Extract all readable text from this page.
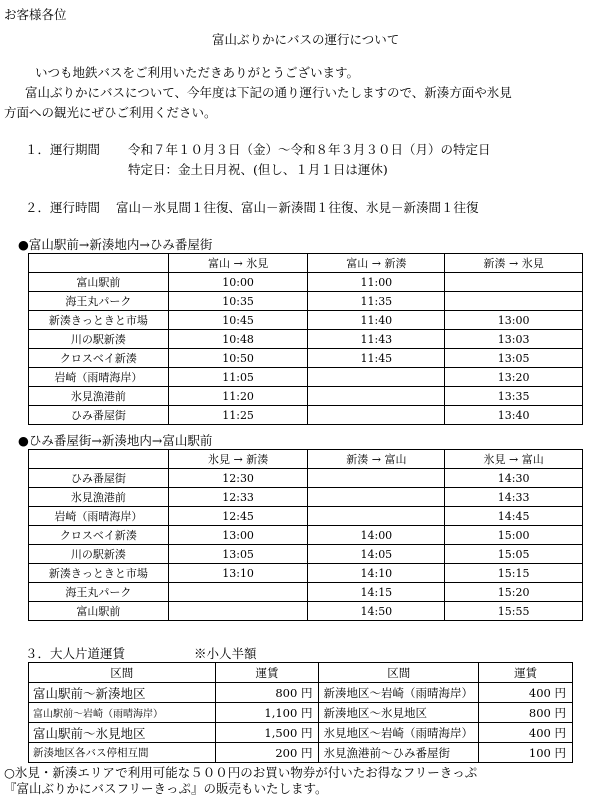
お客様各位
富山ぶりかにバスの運行について
いつも地鉄バスをご利用いただきありがとうございます。
富山ぶりかにバスについて、今年度は下記の通り運行いたしますので、新湊方面や氷見
方面への観光にぜひご利用ください。
１．運行期間 令和７年１０月３日（金）～令和８年３月３０日（月）の特定日
特定日：金土日月祝、(但し、１月１日は運休)
２．運行時間 富山－氷見間１往復、富山－新湊間１往復、氷見－新湊間１往復
●富山駅前→新湊地内→ひみ番屋街
	富山 → 氷見	富山 → 新湊	新湊 → 氷見
富山駅前	10:00	11:00	
海王丸パーク	10:35	11:35	
新湊きっときと市場	10:45	11:40	13:00
川の駅新湊	10:48	11:43	13:03
クロスベイ新湊	10:50	11:45	13:05
岩崎（雨晴海岸）	11:05		13:20
氷見漁港前	11:20		13:35
ひみ番屋街	11:25		13:40
●ひみ番屋街→新湊地内→富山駅前
	氷見 → 新湊	新湊 → 富山	氷見 → 富山
ひみ番屋街	12:30		14:30
氷見漁港前	12:33		14:33
岩崎（雨晴海岸）	12:45		14:45
クロスベイ新湊	13:00	14:00	15:00
川の駅新湊	13:05	14:05	15:05
新湊きっときと市場	13:10	14:10	15:15
海王丸パーク		14:15	15:20
富山駅前		14:50	15:55
３．大人片道運賃	※小人半額
区間	運賃	区間	運賃
富山駅前～新湊地区	800 円	新湊地区～岩崎（雨晴海岸）	400 円
富山駅前～岩崎（雨晴海岸）	1,100 円	新湊地区～氷見地区	800 円
富山駅前～氷見地区	1,500 円	氷見地区～岩崎（雨晴海岸）	400 円
新湊地区各バス停相互間	200 円	氷見漁港前～ひみ番屋街	100 円
○氷見・新湊エリアで利用可能な５００円のお買い物券が付いたお得なフリーきっぷ
『富山ぶりかにバスフリーきっぷ』の販売もいたします。
